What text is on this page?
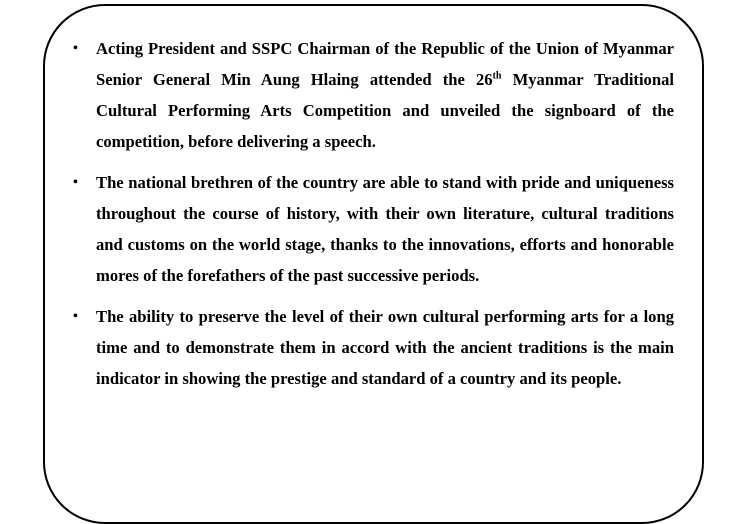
• Acting President and SSPC Chairman of the Republic of the Union of Myanmar Senior General Min Aung Hlaing attended the 26th Myanmar Traditional Cultural Performing Arts Competition and unveiled the signboard of the competition, before delivering a speech.
• The national brethren of the country are able to stand with pride and uniqueness throughout the course of history, with their own literature, cultural traditions and customs on the world stage, thanks to the innovations, efforts and honorable mores of the forefathers of the past successive periods.
• The ability to preserve the level of their own cultural performing arts for a long time and to demonstrate them in accord with the ancient traditions is the main indicator in showing the prestige and standard of a country and its people.
